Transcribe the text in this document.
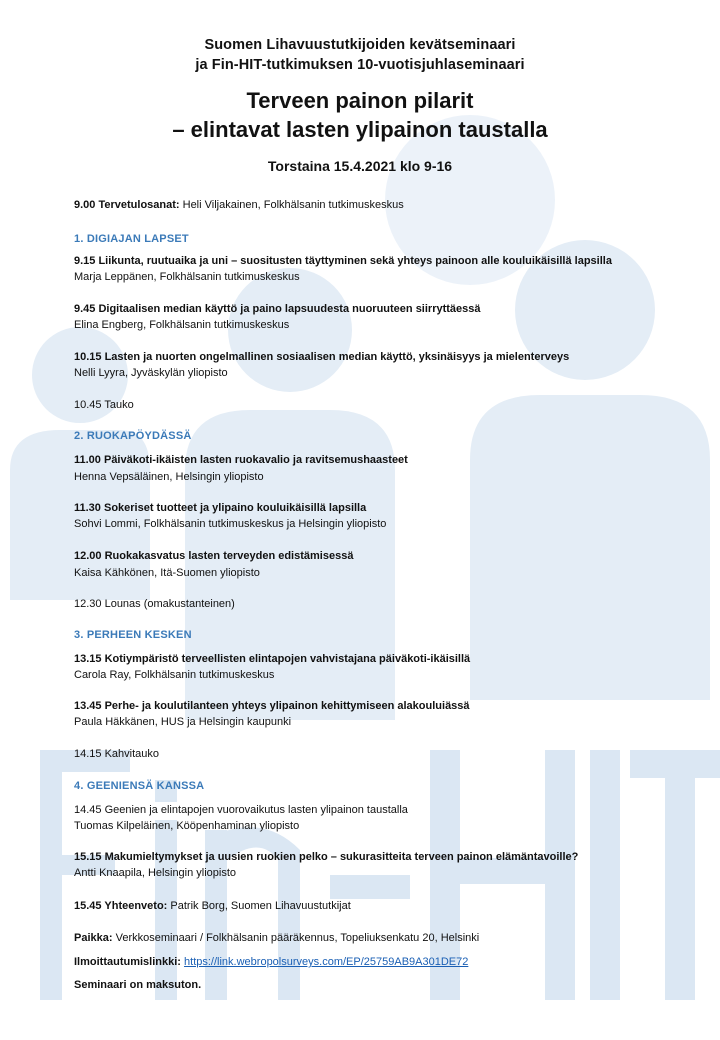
Suomen Lihavuustutkijoiden kevätseminaari
ja Fin-HIT-tutkimuksen 10-vuotisjuhlaseminaari
Terveen painon pilarit
– elintavat lasten ylipainon taustalla
Torstaina 15.4.2021 klo 9-16
9.00 Tervetulosanat: Heli Viljakainen, Folkhälsanin tutkimuskeskus
1. DIGIAJAN LAPSET
9.15 Liikunta, ruutuaika ja uni – suositusten täyttyminen sekä yhteys painoon alle kouluikäisillä lapsilla
Marja Leppänen, Folkhälsanin tutkimuskeskus
9.45 Digitaalisen median käyttö ja paino lapsuudesta nuoruuteen siirryttäessä
Elina Engberg, Folkhälsanin tutkimuskeskus
10.15 Lasten ja nuorten ongelmallinen sosiaalisen median käyttö, yksinäisyys ja mielenterveys
Nelli Lyyra, Jyväskylän yliopisto
10.45 Tauko
2. RUOKAPÖYDÄSSÄ
11.00 Päiväkoti-ikäisten lasten ruokavalio ja ravitsemushaasteet
Henna Vepsäläinen, Helsingin yliopisto
11.30 Sokeriset tuotteet ja ylipaino kouluikäisillä lapsilla
Sohvi Lommi, Folkhälsanin tutkimuskeskus ja Helsingin yliopisto
12.00 Ruokakasvatus lasten terveyden edistämisessä
Kaisa Kähkönen, Itä-Suomen yliopisto
12.30 Lounas (omakustanteinen)
3. PERHEEN KESKEN
13.15 Kotiympäristö terveellisten elintapojen vahvistajana päiväkoti-ikäisillä
Carola Ray, Folkhälsanin tutkimuskeskus
13.45 Perhe- ja koulutilanteen yhteys ylipainon kehittymiseen alakouluiässä
Paula Häkkänen, HUS ja Helsingin kaupunki
14.15 Kahvitauko
4. GEENIENSÄ KANSSA
14.45 Geenien ja elintapojen vuorovaikutus lasten ylipainon taustalla
Tuomas Kilpeläinen, Kööpenhaminan yliopisto
15.15 Makumieltymykset ja uusien ruokien pelko – sukurasitteita terveen painon elämäntavoille?
Antti Knaapila, Helsingin yliopisto
15.45 Yhteenveto: Patrik Borg, Suomen Lihavuustutkijat
Paikka: Verkkoseminaari / Folkhälsanin pääräkennus, Topeliuksenkatu 20, Helsinki
Ilmoittautumislinkki: https://link.webropolsurveys.com/EP/25759AB9A301DE72
Seminaari on maksuton.
